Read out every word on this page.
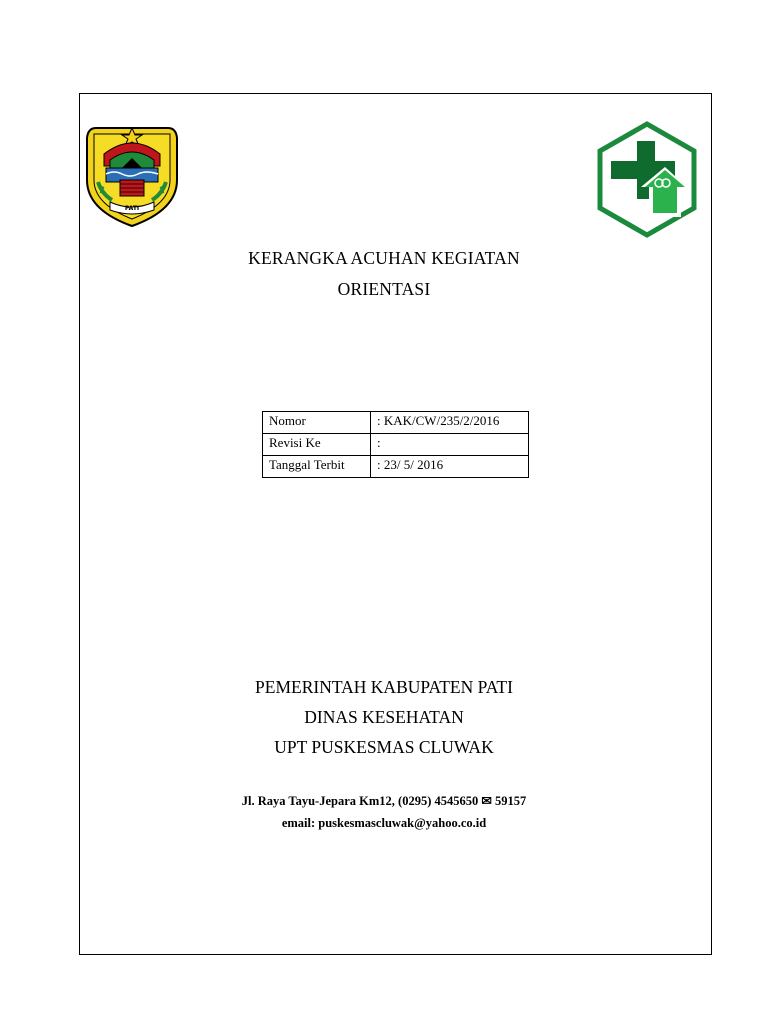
PATI
KERANGKA ACUHAN KEGIATAN
ORIENTASI
Nomor	: KAK/CW/235/2/2016
Revisi Ke	:
Tanggal Terbit	: 23/ 5/ 2016
PEMERINTAH KABUPATEN PATI
DINAS KESEHATAN
UPT PUSKESMAS CLUWAK
Jl. Raya Tayu-Jepara Km12, (0295) 4545650 ✉ 59157
email: puskesmascluwak@yahoo.co.id
